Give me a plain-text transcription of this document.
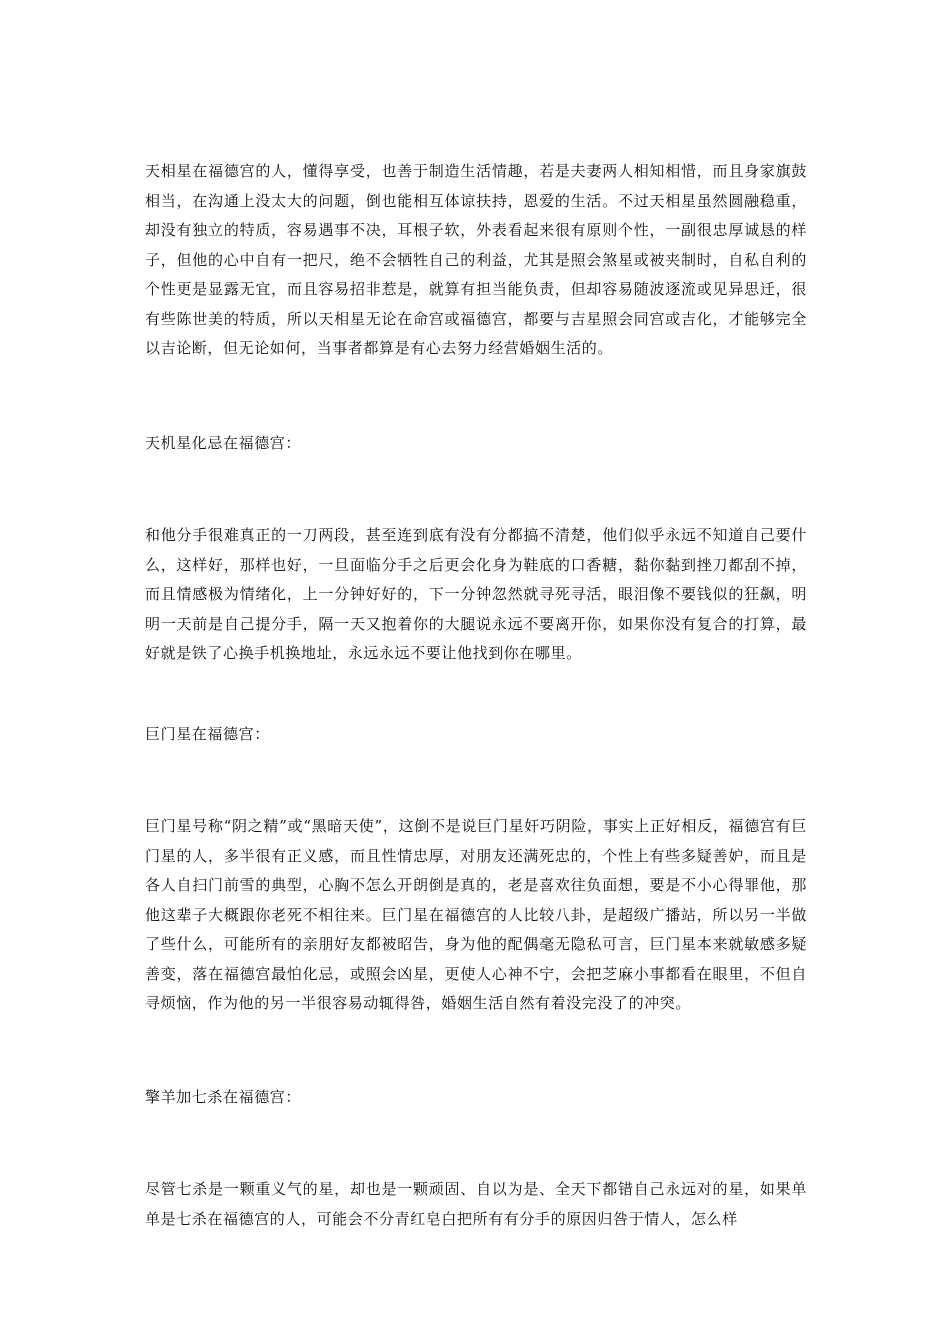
天相星在福德宫的人，懂得享受，也善于制造生活情趣，若是夫妻两人相知相惜，而且身家旗鼓相当，在沟通上没太大的问题，倒也能相互体谅扶持，恩爱的生活。不过天相星虽然圆融稳重，却没有独立的特质，容易遇事不决，耳根子软，外表看起来很有原则个性，一副很忠厚诚恳的样子，但他的心中自有一把尺，绝不会牺牲自己的利益，尤其是照会煞星或被夹制时，自私自利的个性更是显露无宜，而且容易招非惹是，就算有担当能负责，但却容易随波逐流或见异思迁，很有些陈世美的特质，所以天相星无论在命宫或福德宫，都要与吉星照会同宫或吉化，才能够完全以吉论断，但无论如何，当事者都算是有心去努力经营婚姻生活的。

天机星化忌在福德宫：

和他分手很难真正的一刀两段，甚至连到底有没有分都搞不清楚，他们似乎永远不知道自己要什么，这样好，那样也好，一旦面临分手之后更会化身为鞋底的口香糖，黏你黏到挫刀都刮不掉，而且情感极为情绪化，上一分钟好好的，下一分钟忽然就寻死寻活，眼泪像不要钱似的狂飙，明明一天前是自己提分手，隔一天又抱着你的大腿说永远不要离开你，如果你没有复合的打算，最好就是铁了心换手机换地址，永远永远不要让他找到你在哪里。

巨门星在福德宫：

巨门星号称“阴之精”或“黑暗天使”，这倒不是说巨门星奸巧阴险，事实上正好相反，福德宫有巨门星的人，多半很有正义感，而且性情忠厚，对朋友还满死忠的，个性上有些多疑善妒，而且是各人自扫门前雪的典型，心胸不怎么开朗倒是真的，老是喜欢往负面想，要是不小心得罪他，那他这辈子大概跟你老死不相往来。巨门星在福德宫的人比较八卦，是超级广播站，所以另一半做了些什么，可能所有的亲朋好友都被昭告，身为他的配偶毫无隐私可言，巨门星本来就敏感多疑善变，落在福德宫最怕化忌，或照会凶星，更使人心神不宁，会把芝麻小事都看在眼里，不但自寻烦恼，作为他的另一半很容易动辄得咎，婚姻生活自然有着没完没了的冲突。

擎羊加七杀在福德宫：

尽管七杀是一颗重义气的星，却也是一颗顽固、自以为是、全天下都错自己永远对的星，如果单单是七杀在福德宫的人，可能会不分青红皂白把所有有分手的原因归咎于情人，怎么样
